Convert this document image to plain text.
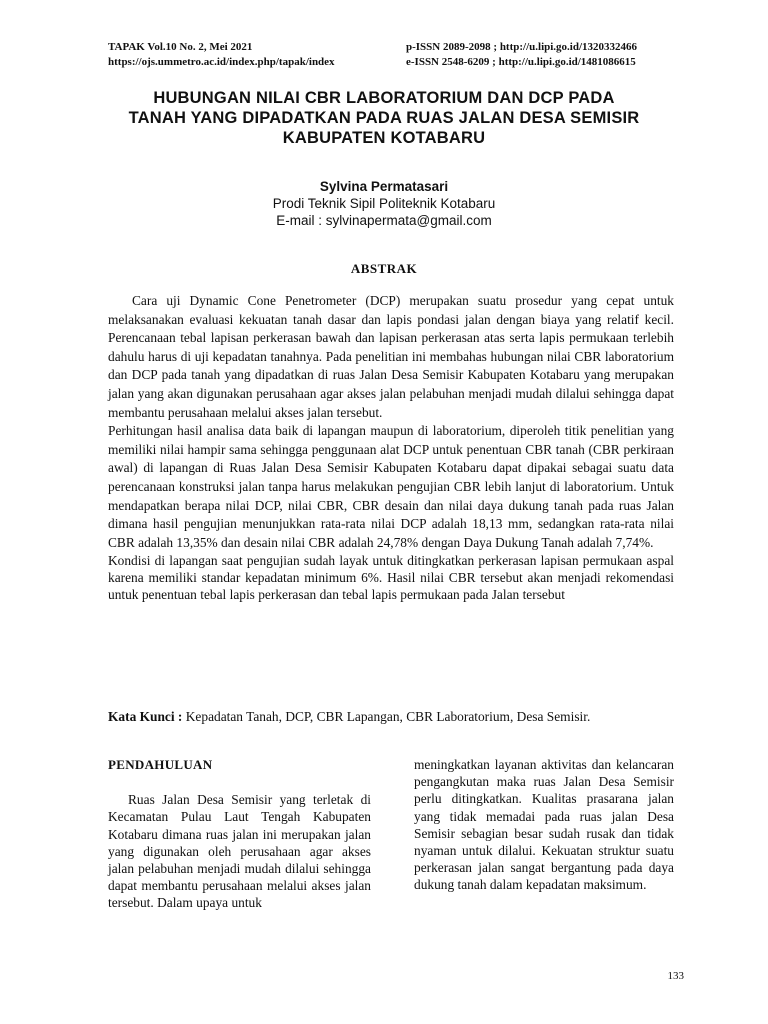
TAPAK Vol.10 No. 2, Mei 2021	p-ISSN 2089-2098 ; http://u.lipi.go.id/1320332466
https://ojs.ummetro.ac.id/index.php/tapak/index	e-ISSN 2548-6209 ; http://u.lipi.go.id/1481086615
HUBUNGAN NILAI CBR LABORATORIUM DAN DCP PADA
TANAH YANG DIPADATKAN PADA RUAS JALAN DESA SEMISIR
KABUPATEN KOTABARU
Sylvina Permatasari
Prodi Teknik Sipil Politeknik Kotabaru
E-mail : sylvinapermata@gmail.com
ABSTRAK

Cara uji Dynamic Cone Penetrometer (DCP) merupakan suatu prosedur yang cepat untuk melaksanakan evaluasi kekuatan tanah dasar dan lapis pondasi jalan dengan biaya yang relatif kecil. Perencanaan tebal lapisan perkerasan bawah dan lapisan perkerasan atas serta lapis permukaan terlebih dahulu harus di uji kepadatan tanahnya. Pada penelitian ini membahas hubungan nilai CBR laboratorium dan DCP pada tanah yang dipadatkan di ruas Jalan Desa Semisir Kabupaten Kotabaru yang merupakan jalan yang akan digunakan perusahaan agar akses jalan pelabuhan menjadi mudah dilalui sehingga dapat membantu perusahaan melalui akses jalan tersebut.

Perhitungan hasil analisa data baik di lapangan maupun di laboratorium, diperoleh titik penelitian yang memiliki nilai hampir sama sehingga penggunaan alat DCP untuk penentuan CBR tanah (CBR perkiraan awal) di lapangan di Ruas Jalan Desa Semisir Kabupaten Kotabaru dapat dipakai sebagai suatu data perencanaan konstruksi jalan tanpa harus melakukan pengujian CBR lebih lanjut di laboratorium. Untuk mendapatkan berapa nilai DCP, nilai CBR, CBR desain dan nilai daya dukung tanah pada ruas Jalan dimana hasil pengujian menunjukkan rata-rata nilai DCP adalah 18,13 mm, sedangkan rata-rata nilai CBR adalah 13,35% dan desain nilai CBR adalah 24,78% dengan Daya Dukung Tanah adalah 7,74%.

Kondisi di lapangan saat pengujian sudah layak untuk ditingkatkan perkerasan lapisan permukaan aspal karena memiliki standar kepadatan minimum 6%. Hasil nilai CBR tersebut akan menjadi rekomendasi untuk penentuan tebal lapis perkerasan dan tebal lapis permukaan pada Jalan tersebut

Kata Kunci : Kepadatan Tanah, DCP, CBR Lapangan, CBR Laboratorium, Desa Semisir.
PENDAHULUAN

Ruas Jalan Desa Semisir yang terletak di Kecamatan Pulau Laut Tengah Kabupaten Kotabaru dimana ruas jalan ini merupakan jalan yang digunakan oleh perusahaan agar akses jalan pelabuhan menjadi mudah dilalui sehingga dapat membantu perusahaan melalui akses jalan tersebut. Dalam upaya untuk

meningkatkan layanan aktivitas dan kelancaran pengangkutan maka ruas Jalan Desa Semisir perlu ditingkatkan. Kualitas prasarana jalan yang tidak memadai pada ruas jalan Desa Semisir sebagian besar sudah rusak dan tidak nyaman untuk dilalui. Kekuatan struktur suatu perkerasan jalan sangat bergantung pada daya dukung tanah dalam kepadatan maksimum.

133
